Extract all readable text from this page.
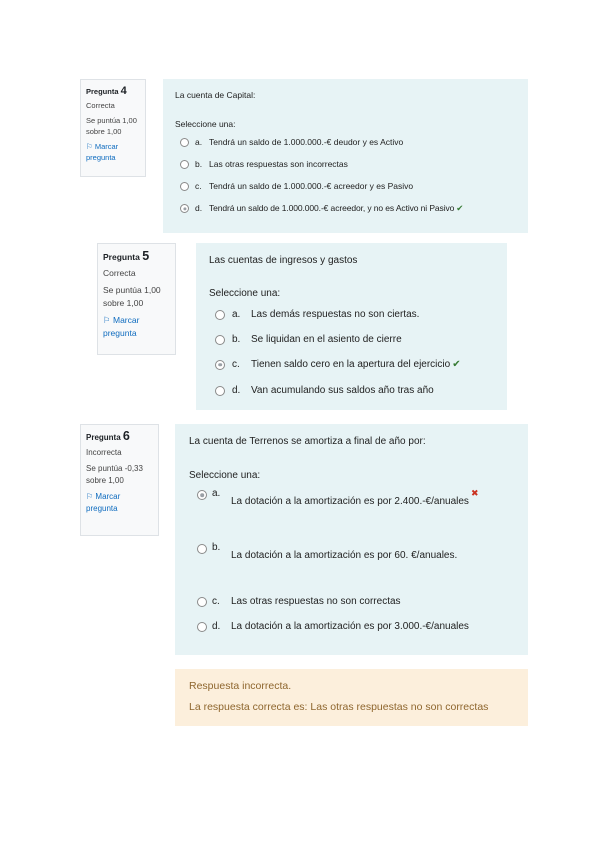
Pregunta 4
Correcta
Se puntúa 1,00
sobre 1,00
⚐ Marcar
pregunta
La cuenta de Capital:
Seleccione una:
a. Tendrá un saldo de 1.000.000.-€ deudor y es Activo
b. Las otras respuestas son incorrectas
c. Tendrá un saldo de 1.000.000.-€ acreedor y es Pasivo
d. Tendrá un saldo de 1.000.000.-€ acreedor, y no es Activo ni Pasivo ✔
Pregunta 5
Correcta
Se puntúa 1,00
sobre 1,00
⚐ Marcar
pregunta
Las cuentas de ingresos y gastos
Seleccione una:
a.	Las demás respuestas no son ciertas.
b.	Se liquidan en el asiento de cierre
c.	Tienen saldo cero en la apertura del ejercicio ✔
d.	Van acumulando sus saldos año tras año
Pregunta 6
Incorrecta
Se puntúa -0,33
sobre 1,00
⚐ Marcar
pregunta
La cuenta de Terrenos se amortiza a final de año por:
Seleccione una:
a.
La dotación a la amortización es por 2.400.-€/anuales
✖
b.
La dotación a la amortización es por 60. €/anuales.
c.	Las otras respuestas no son correctas
d.	La dotación a la amortización es por 3.000.-€/anuales
Respuesta incorrecta.
La respuesta correcta es: Las otras respuestas no son correctas
